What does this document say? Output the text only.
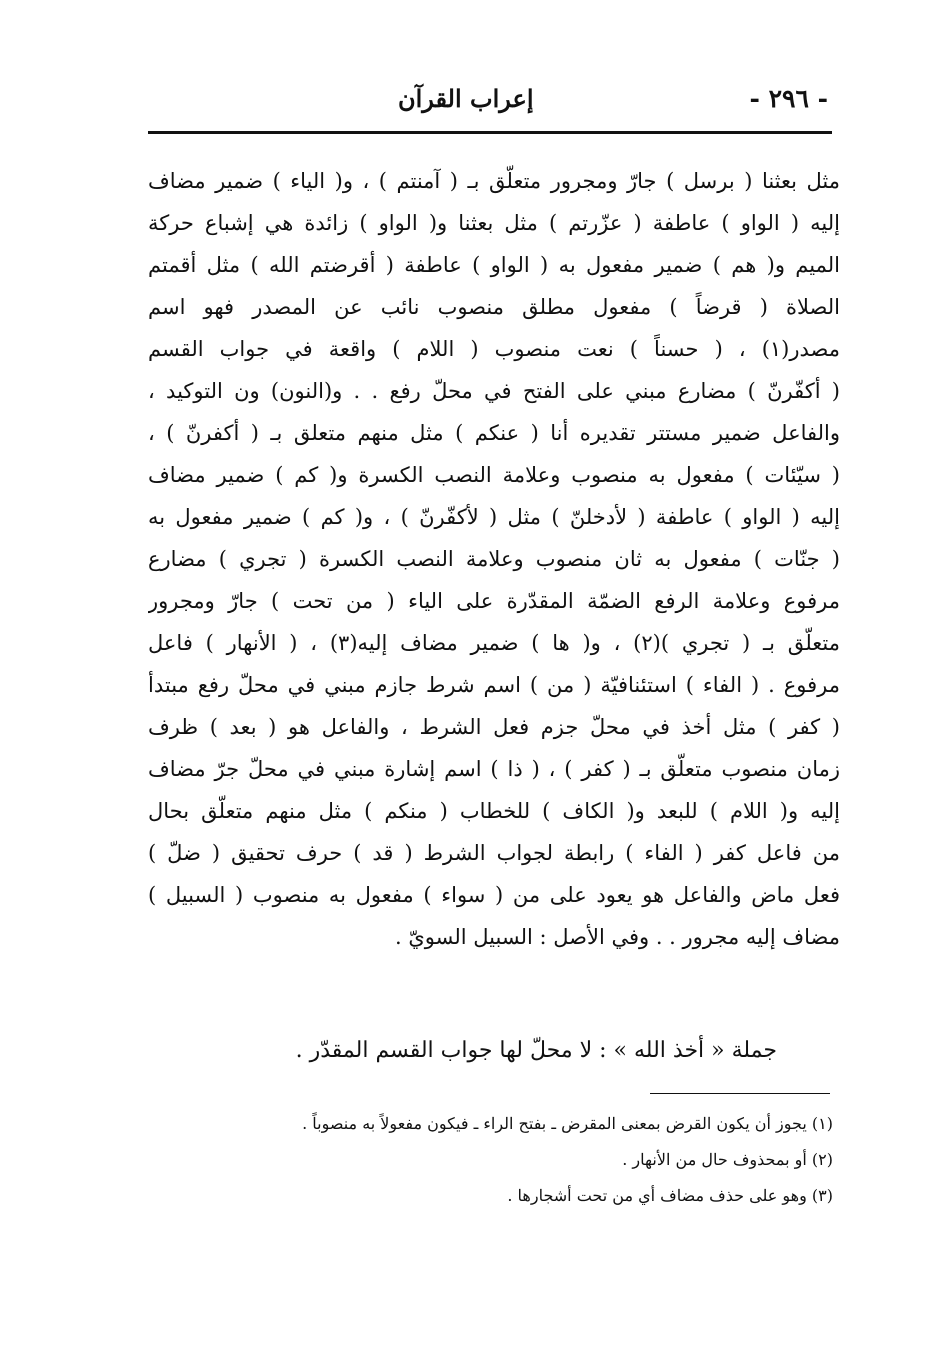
- ٢٩٦ -
إعراب القرآن
مثل بعثنا ( برسل ) جارّ ومجرور متعلّق بـ ( آمنتم ) ، و( الياء ) ضمير مضاف
إليه ( الواو ) عاطفة ( عزّرتم ) مثل بعثنا و( الواو ) زائدة هي إشباع حركة
الميم و( هم ) ضمير مفعول به ( الواو ) عاطفة ( أقرضتم الله ) مثل أقمتم
الصلاة ( قرضاً ) مفعول مطلق منصوب نائب عن المصدر فهو اسم
مصدر(١) ، ( حسناً ) نعت منصوب ( اللام ) واقعة في جواب القسم
( أكفّرنّ ) مضارع مبني على الفتح في محلّ رفع . . و(النون) ون التوكيد ،
والفاعل ضمير مستتر تقديره أنا ( عنكم ) مثل منهم متعلق بـ ( أكفرنّ ) ،
( سيّئات ) مفعول به منصوب وعلامة النصب الكسرة و( كم ) ضمير مضاف
إليه ( الواو ) عاطفة ( لأدخلنّ ) مثل ( لأكفّرنّ ) ، و( كم ) ضمير مفعول به
( جنّات ) مفعول به ثان منصوب وعلامة النصب الكسرة ( تجري ) مضارع
مرفوع وعلامة الرفع الضمّة المقدّرة على الياء ( من تحت ) جارّ ومجرور
متعلّق بـ ( تجري )(٢) ، و( ها ) ضمير مضاف إليه(٣) ، ( الأنهار ) فاعل
مرفوع . ( الفاء ) استئنافيّة ( من ) اسم شرط جازم مبني في محلّ رفع مبتدأ
( كفر ) مثل أخذ في محلّ جزم فعل الشرط ، والفاعل هو ( بعد ) ظرف
زمان منصوب متعلّق بـ ( كفر ) ، ( ذا ) اسم إشارة مبني في محلّ جرّ مضاف
إليه و( اللام ) للبعد و( الكاف ) للخطاب ( منكم ) مثل منهم متعلّق بحال
من فاعل كفر ( الفاء ) رابطة لجواب الشرط ( قد ) حرف تحقيق ( ضلّ )
فعل ماض والفاعل هو يعود على من ( سواء ) مفعول به منصوب ( السبيل )
مضاف إليه مجرور . . وفي الأصل : السبيل السويّ .
جملة « أخذ الله » : لا محلّ لها جواب القسم المقدّر .
(١) يجوز أن يكون القرض بمعنى المقرض ـ بفتح الراء ـ فيكون مفعولاً به منصوباً .
(٢) أو بمحذوف حال من الأنهار .
(٣) وهو على حذف مضاف أي من تحت أشجارها .
